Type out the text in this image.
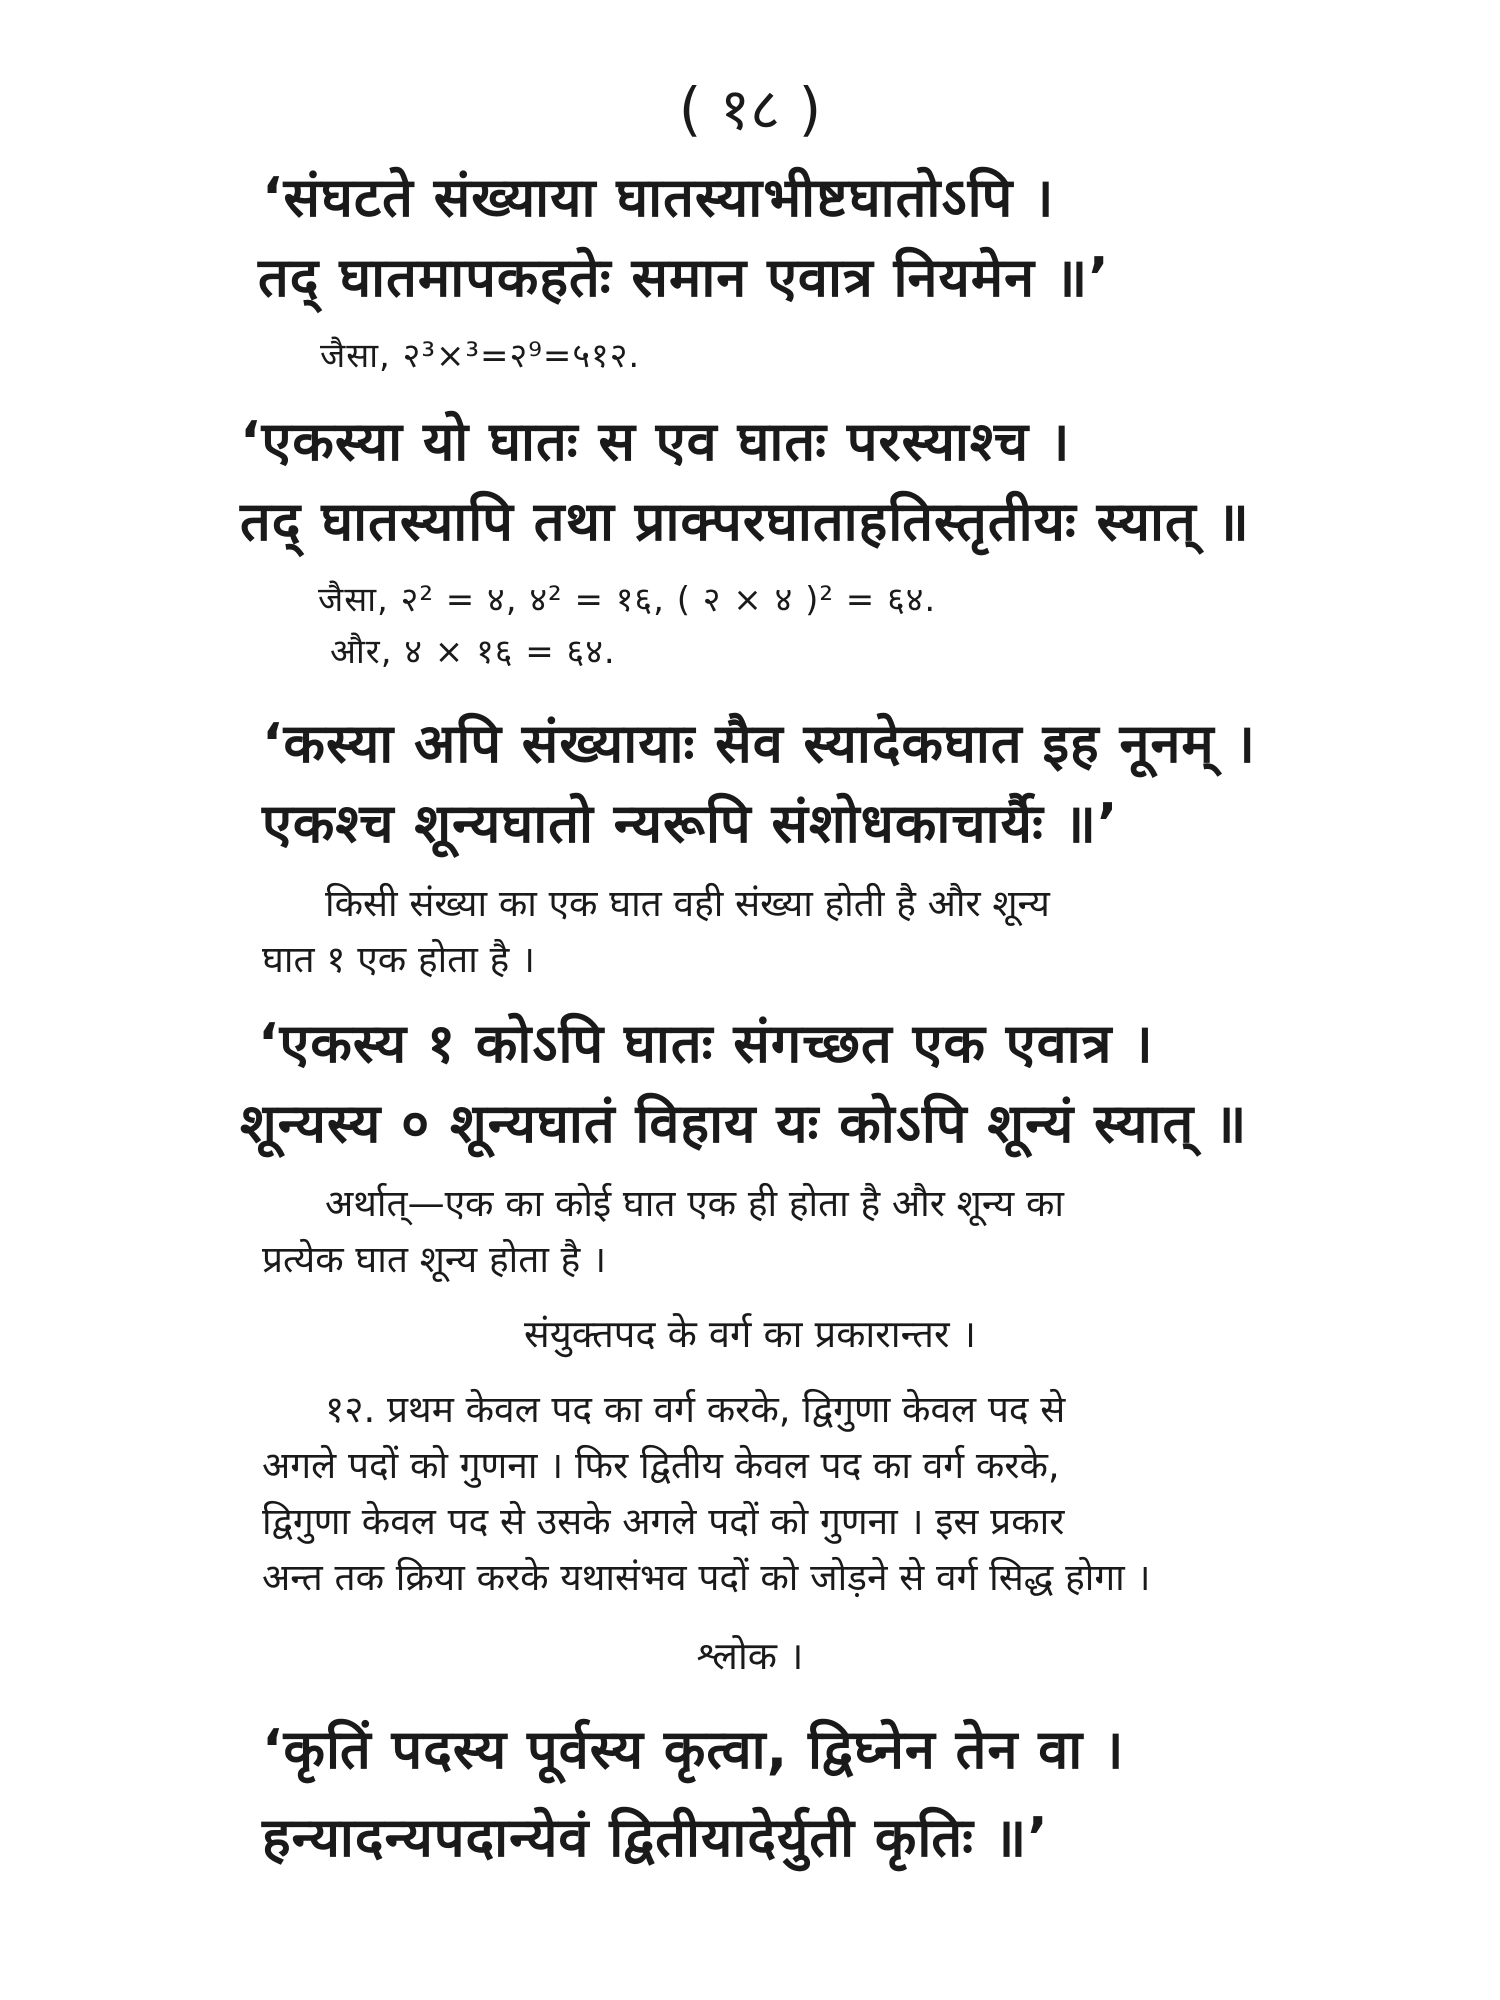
( १८ )
‘संघटते संख्याया घातस्याभीष्टघातोऽपि ।
तद् घातमापकहतेः समान एवात्र नियमेन ॥’
जैसा, २³×³=२⁹=५१२.
‘एकस्या यो घातः स एव घातः परस्याश्च ।
तद् घातस्यापि तथा प्राक्परघाताहतिस्तृतीयः स्यात् ॥
जैसा, २² = ४, ४² = १६, ( २ × ४ )² = ६४.
और, ४ × १६ = ६४.
‘कस्या अपि संख्यायाः सैव स्यादेकघात इह नूनम् ।
एकश्च शून्यघातो न्यरूपि संशोधकाचार्यैः ॥’
किसी संख्या का एक घात वही संख्या होती है और शून्य
घात १ एक होता है ।
‘एकस्य १ कोऽपि घातः संगच्छत एक एवात्र ।
शून्यस्य ० शून्यघातं विहाय यः कोऽपि शून्यं स्यात् ॥
अर्थात्—एक का कोई घात एक ही होता है और शून्य का
प्रत्येक घात शून्य होता है ।
संयुक्तपद के वर्ग का प्रकारान्तर ।
१२. प्रथम केवल पद का वर्ग करके, द्विगुणा केवल पद से
अगले पदों को गुणना । फिर द्वितीय केवल पद का वर्ग करके,
द्विगुणा केवल पद से उसके अगले पदों को गुणना । इस प्रकार
अन्त तक क्रिया करके यथासंभव पदों को जोड़ने से वर्ग सिद्ध होगा ।
श्लोक ।
‘कृतिं पदस्य पूर्वस्य कृत्वा, द्विघ्नेन तेन वा ।
हन्यादन्यपदान्येवं द्वितीयादेर्युती कृतिः ॥’
